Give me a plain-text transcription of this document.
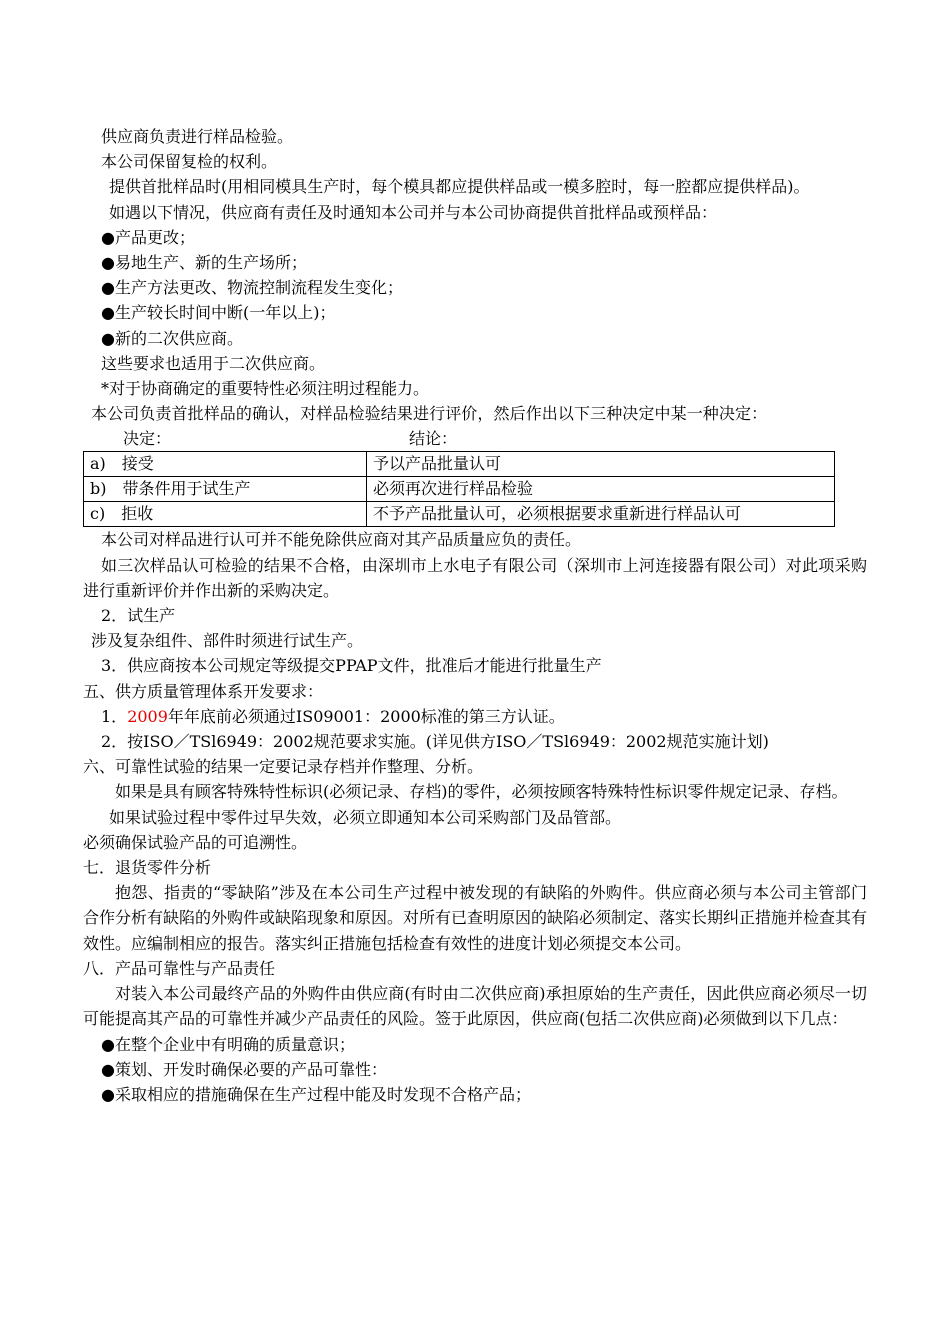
供应商负责进行样品检验。

本公司保留复检的权利。

提供首批样品时(用相同模具生产时，每个模具都应提供样品或一模多腔时，每一腔都应提供样品)。

如遇以下情况，供应商有责任及时通知本公司并与本公司协商提供首批样品或预样品：

●产品更改；

●易地生产、新的生产场所；

●生产方法更改、物流控制流程发生变化；

●生产较长时间中断(一年以上)；

●新的二次供应商。

这些要求也适用于二次供应商。

*对于协商确定的重要特性必须注明过程能力。

本公司负责首批样品的确认，对样品检验结果进行评价，然后作出以下三种决定中某一种决定：

决定：	结论：
a)　接受	予以产品批量认可
b)　带条件用于试生产	必须再次进行样品检验
c)　拒收	不予产品批量认可，必须根据要求重新进行样品认可

本公司对样品进行认可并不能免除供应商对其产品质量应负的责任。

如三次样品认可检验的结果不合格，由深圳市上水电子有限公司（深圳市上河连接器有限公司）对此项采购进行重新评价并作出新的采购决定。

2．试生产

涉及复杂组件、部件时须进行试生产。

3．供应商按本公司规定等级提交PPAP文件，批准后才能进行批量生产

五、供方质量管理体系开发要求：

1．2009年年底前必须通过IS09001：2000标准的第三方认证。

2．按ISO／TSl6949：2002规范要求实施。(详见供方ISO／TSl6949：2002规范实施计划)

六、可靠性试验的结果一定要记录存档并作整理、分析。

如果是具有顾客特殊特性标识(必须记录、存档)的零件，必须按顾客特殊特性标识零件规定记录、存档。

如果试验过程中零件过早失效，必须立即通知本公司采购部门及品管部。

必须确保试验产品的可追溯性。

七．退货零件分析

抱怨、指责的“零缺陷”涉及在本公司生产过程中被发现的有缺陷的外购件。供应商必须与本公司主管部门合作分析有缺陷的外购件或缺陷现象和原因。对所有已查明原因的缺陷必须制定、落实长期纠正措施并检查其有效性。应编制相应的报告。落实纠正措施包括检查有效性的进度计划必须提交本公司。

八．产品可靠性与产品责任

对装入本公司最终产品的外购件由供应商(有时由二次供应商)承担原始的生产责任，因此供应商必须尽一切可能提高其产品的可靠性并减少产品责任的风险。签于此原因，供应商(包括二次供应商)必须做到以下几点：

●在整个企业中有明确的质量意识；

●策划、开发时确保必要的产品可靠性：

●采取相应的措施确保在生产过程中能及时发现不合格产品；
